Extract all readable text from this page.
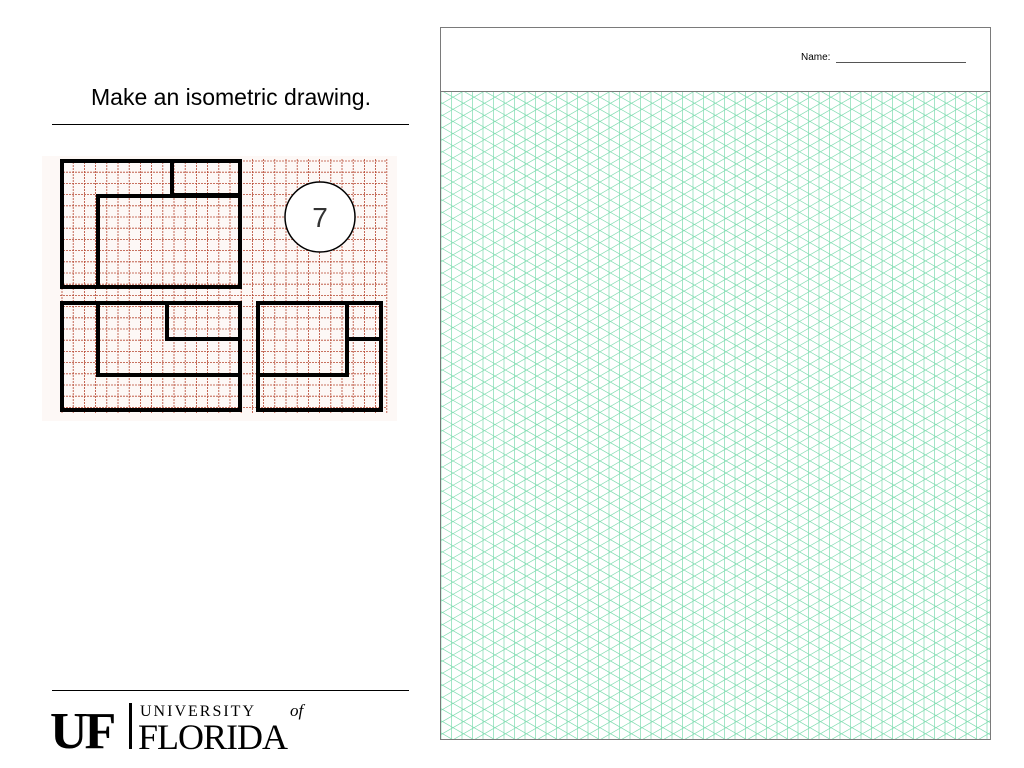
Make an isometric drawing.
7
UF UNIVERSITY of
FLORIDA
Name:
